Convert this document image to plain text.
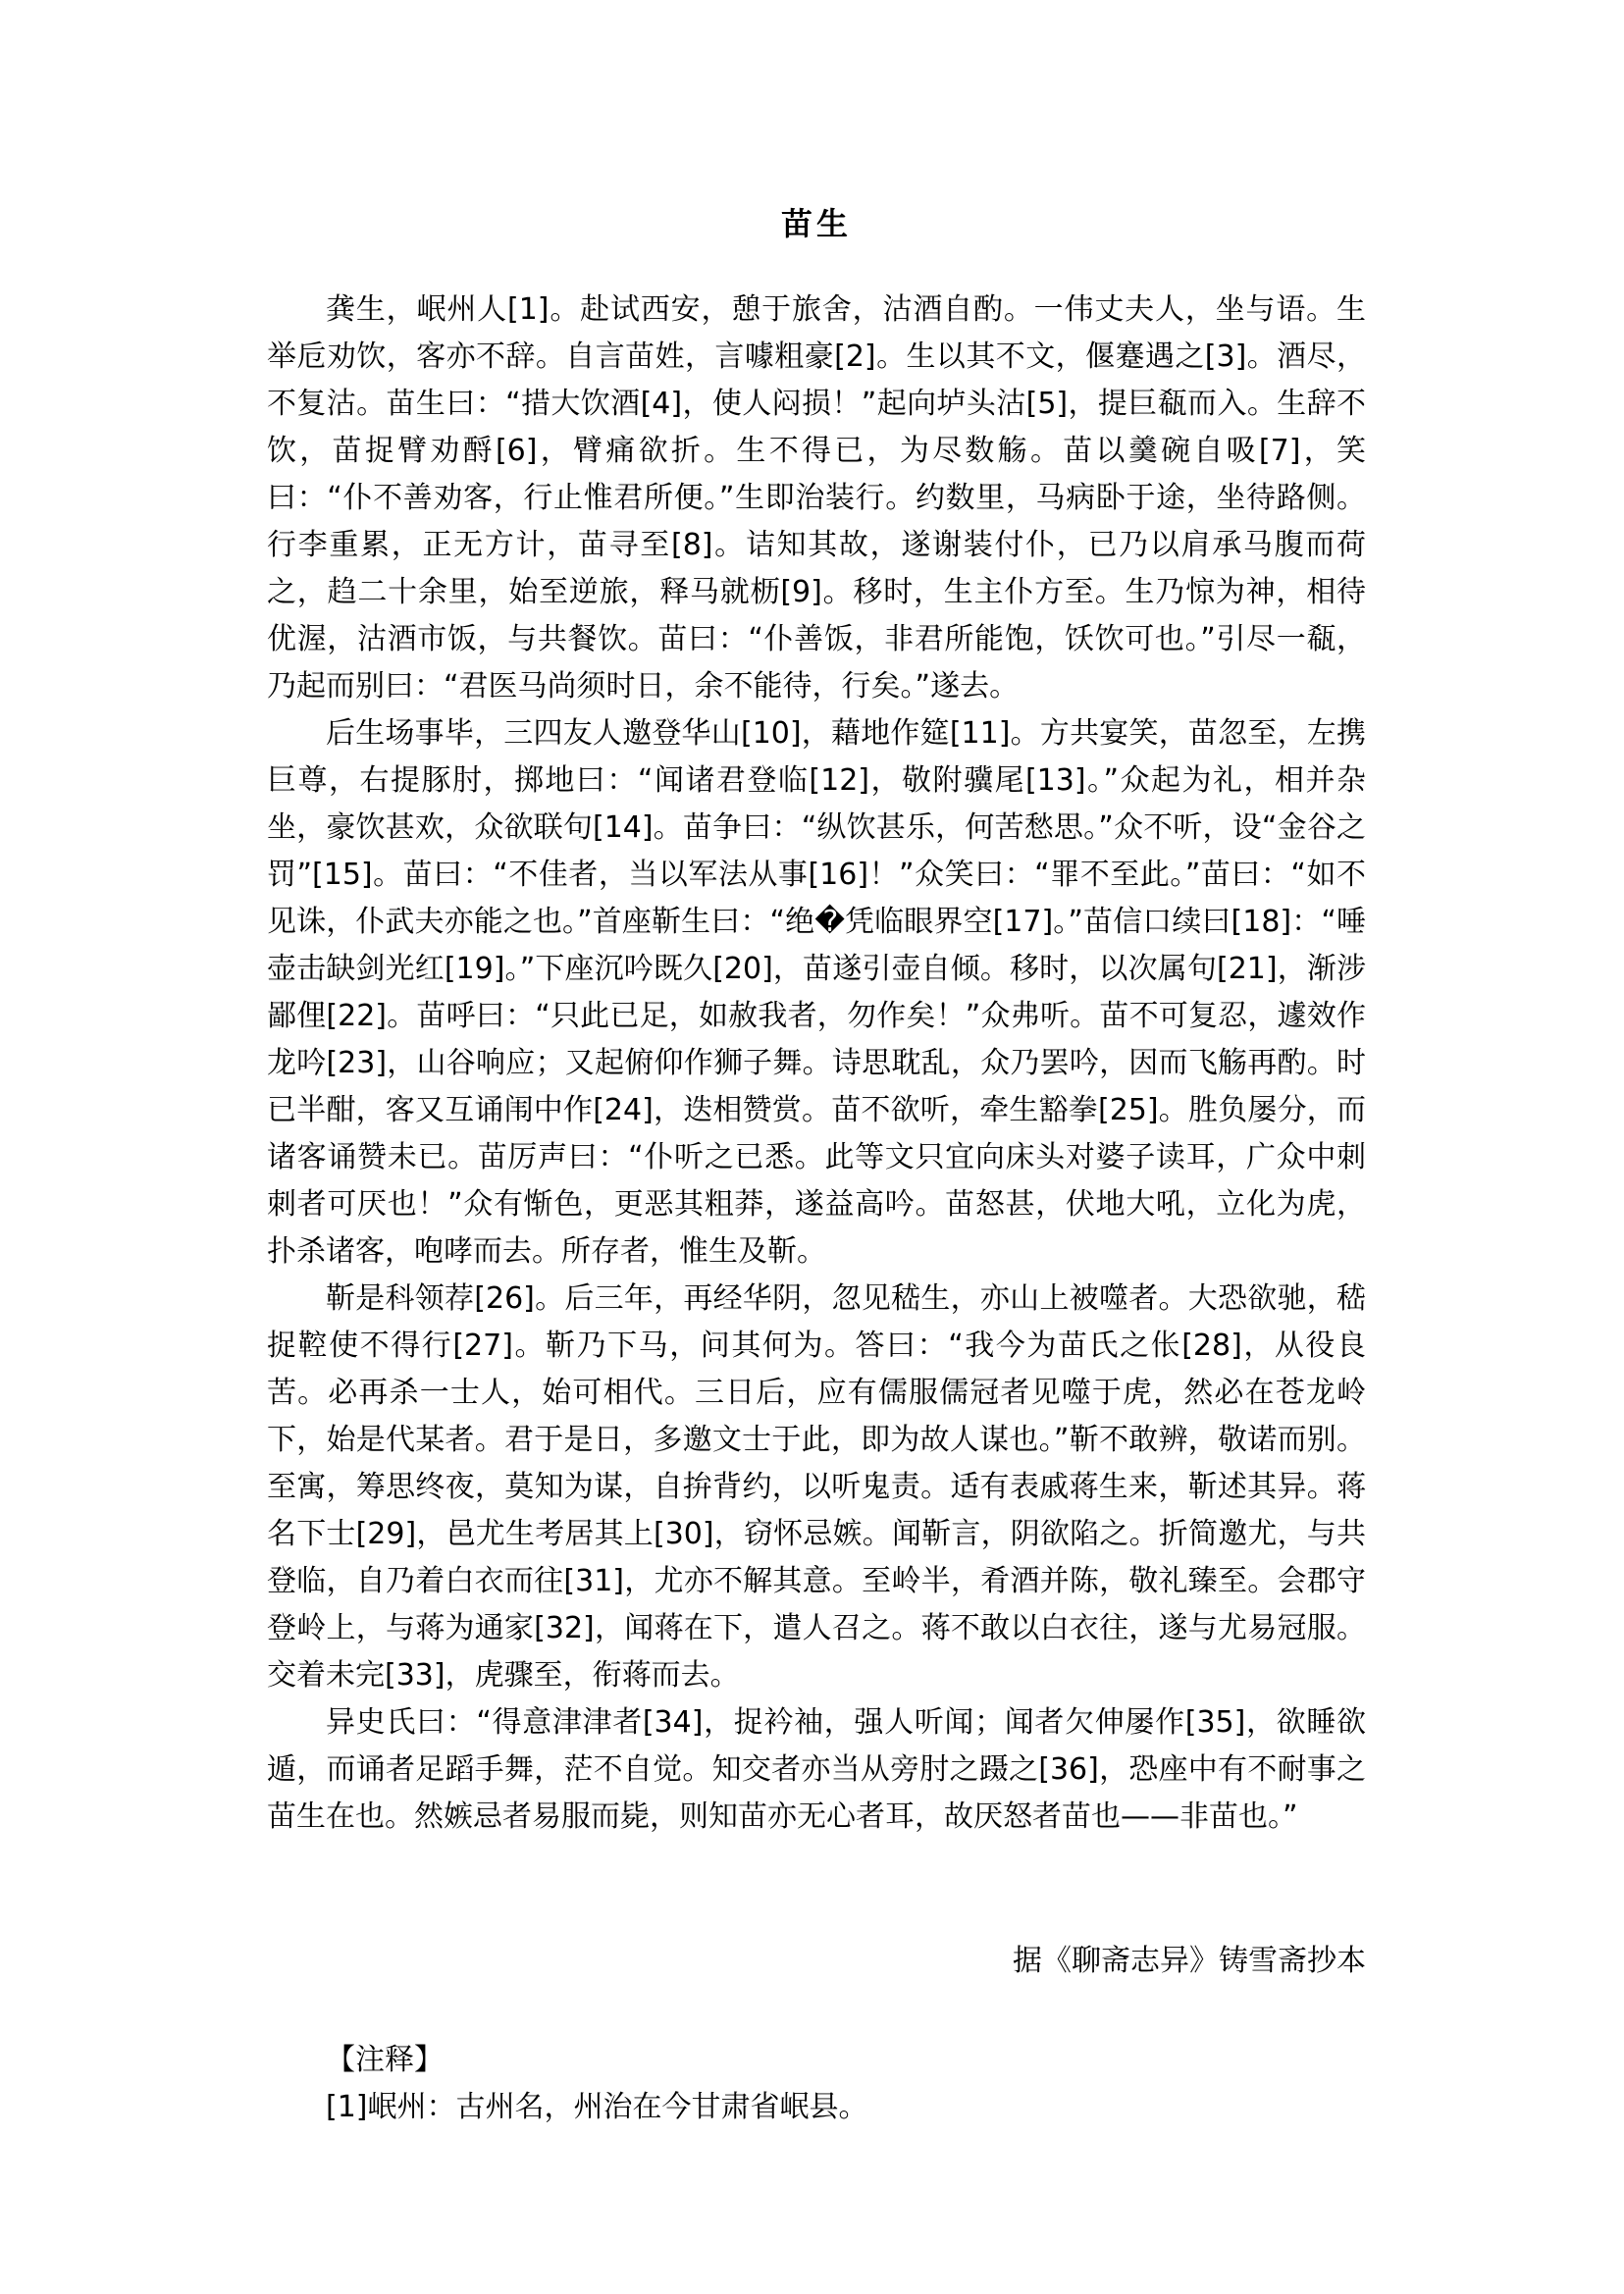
苗生

龚生，岷州人[1]。赴试西安，憩于旅舍，沽酒自酌。一伟丈夫人，坐与语。生举卮劝饮，客亦不辞。自言苗姓，言噱粗豪[2]。生以其不文，偃蹇遇之[3]。酒尽，不复沽。苗生曰：“措大饮酒[4]，使人闷损！”起向垆头沽[5]，提巨瓻而入。生辞不饮，苗捉臂劝酹[6]，臂痛欲折。生不得已，为尽数觞。苗以羹碗自吸[7]，笑曰：“仆不善劝客，行止惟君所便。”生即治装行。约数里，马病卧于途，坐待路侧。行李重累，正无方计，苗寻至[8]。诘知其故，遂谢装付仆，已乃以肩承马腹而荷之，趋二十余里，始至逆旅，释马就枥[9]。移时，生主仆方至。生乃惊为神，相待优渥，沽酒市饭，与共餐饮。苗曰：“仆善饭，非君所能饱，饫饮可也。”引尽一瓻，乃起而别曰：“君医马尚须时日，余不能待，行矣。”遂去。

后生场事毕，三四友人邀登华山[10]，藉地作筵[11]。方共宴笑，苗忽至，左携巨尊，右提豚肘，掷地曰：“闻诸君登临[12]，敬附骥尾[13]。”众起为礼，相并杂坐，豪饮甚欢，众欲联句[14]。苗争曰：“纵饮甚乐，何苦愁思。”众不听，设“金谷之罚”[15]。苗曰：“不佳者，当以军法从事[16]！”众笑曰：“罪不至此。”苗曰：“如不见诛，仆武夫亦能之也。”首座靳生曰：“绝�凭临眼界空[17]。”苗信口续曰[18]：“唾壶击缺剑光红[19]。”下座沉吟既久[20]，苗遂引壶自倾。移时，以次属句[21]，渐涉鄙俚[22]。苗呼曰：“只此已足，如赦我者，勿作矣！”众弗听。苗不可复忍，遽效作龙吟[23]，山谷响应；又起俯仰作狮子舞。诗思耽乱，众乃罢吟，因而飞觞再酌。时已半酣，客又互诵闱中作[24]，迭相赞赏。苗不欲听，牵生豁拳[25]。胜负屡分，而诸客诵赞未已。苗厉声曰：“仆听之已悉。此等文只宜向床头对婆子读耳，广众中刺刺者可厌也！”众有惭色，更恶其粗莽，遂益高吟。苗怒甚，伏地大吼，立化为虎，扑杀诸客，咆哮而去。所存者，惟生及靳。

靳是科领荐[26]。后三年，再经华阴，忽见嵇生，亦山上被噬者。大恐欲驰，嵇捉鞚使不得行[27]。靳乃下马，问其何为。答曰：“我今为苗氏之伥[28]，从役良苦。必再杀一士人，始可相代。三日后，应有儒服儒冠者见噬于虎，然必在苍龙岭下，始是代某者。君于是日，多邀文士于此，即为故人谋也。”靳不敢辨，敬诺而别。至寓，筹思终夜，莫知为谋，自拚背约，以听鬼责。适有表戚蒋生来，靳述其异。蒋名下士[29]，邑尤生考居其上[30]，窃怀忌嫉。闻靳言，阴欲陷之。折简邀尤，与共登临，自乃着白衣而往[31]，尤亦不解其意。至岭半，肴酒并陈，敬礼臻至。会郡守登岭上，与蒋为通家[32]，闻蒋在下，遣人召之。蒋不敢以白衣往，遂与尤易冠服。交着未完[33]，虎骤至，衔蒋而去。

异史氏曰：“得意津津者[34]，捉衿袖，强人听闻；闻者欠伸屡作[35]，欲睡欲遁，而诵者足蹈手舞，茫不自觉。知交者亦当从旁肘之蹑之[36]，恐座中有不耐事之苗生在也。然嫉忌者易服而毙，则知苗亦无心者耳，故厌怒者苗也——非苗也。”

据《聊斋志异》铸雪斋抄本
【注释】
[1]岷州：古州名，州治在今甘肃省岷县。
